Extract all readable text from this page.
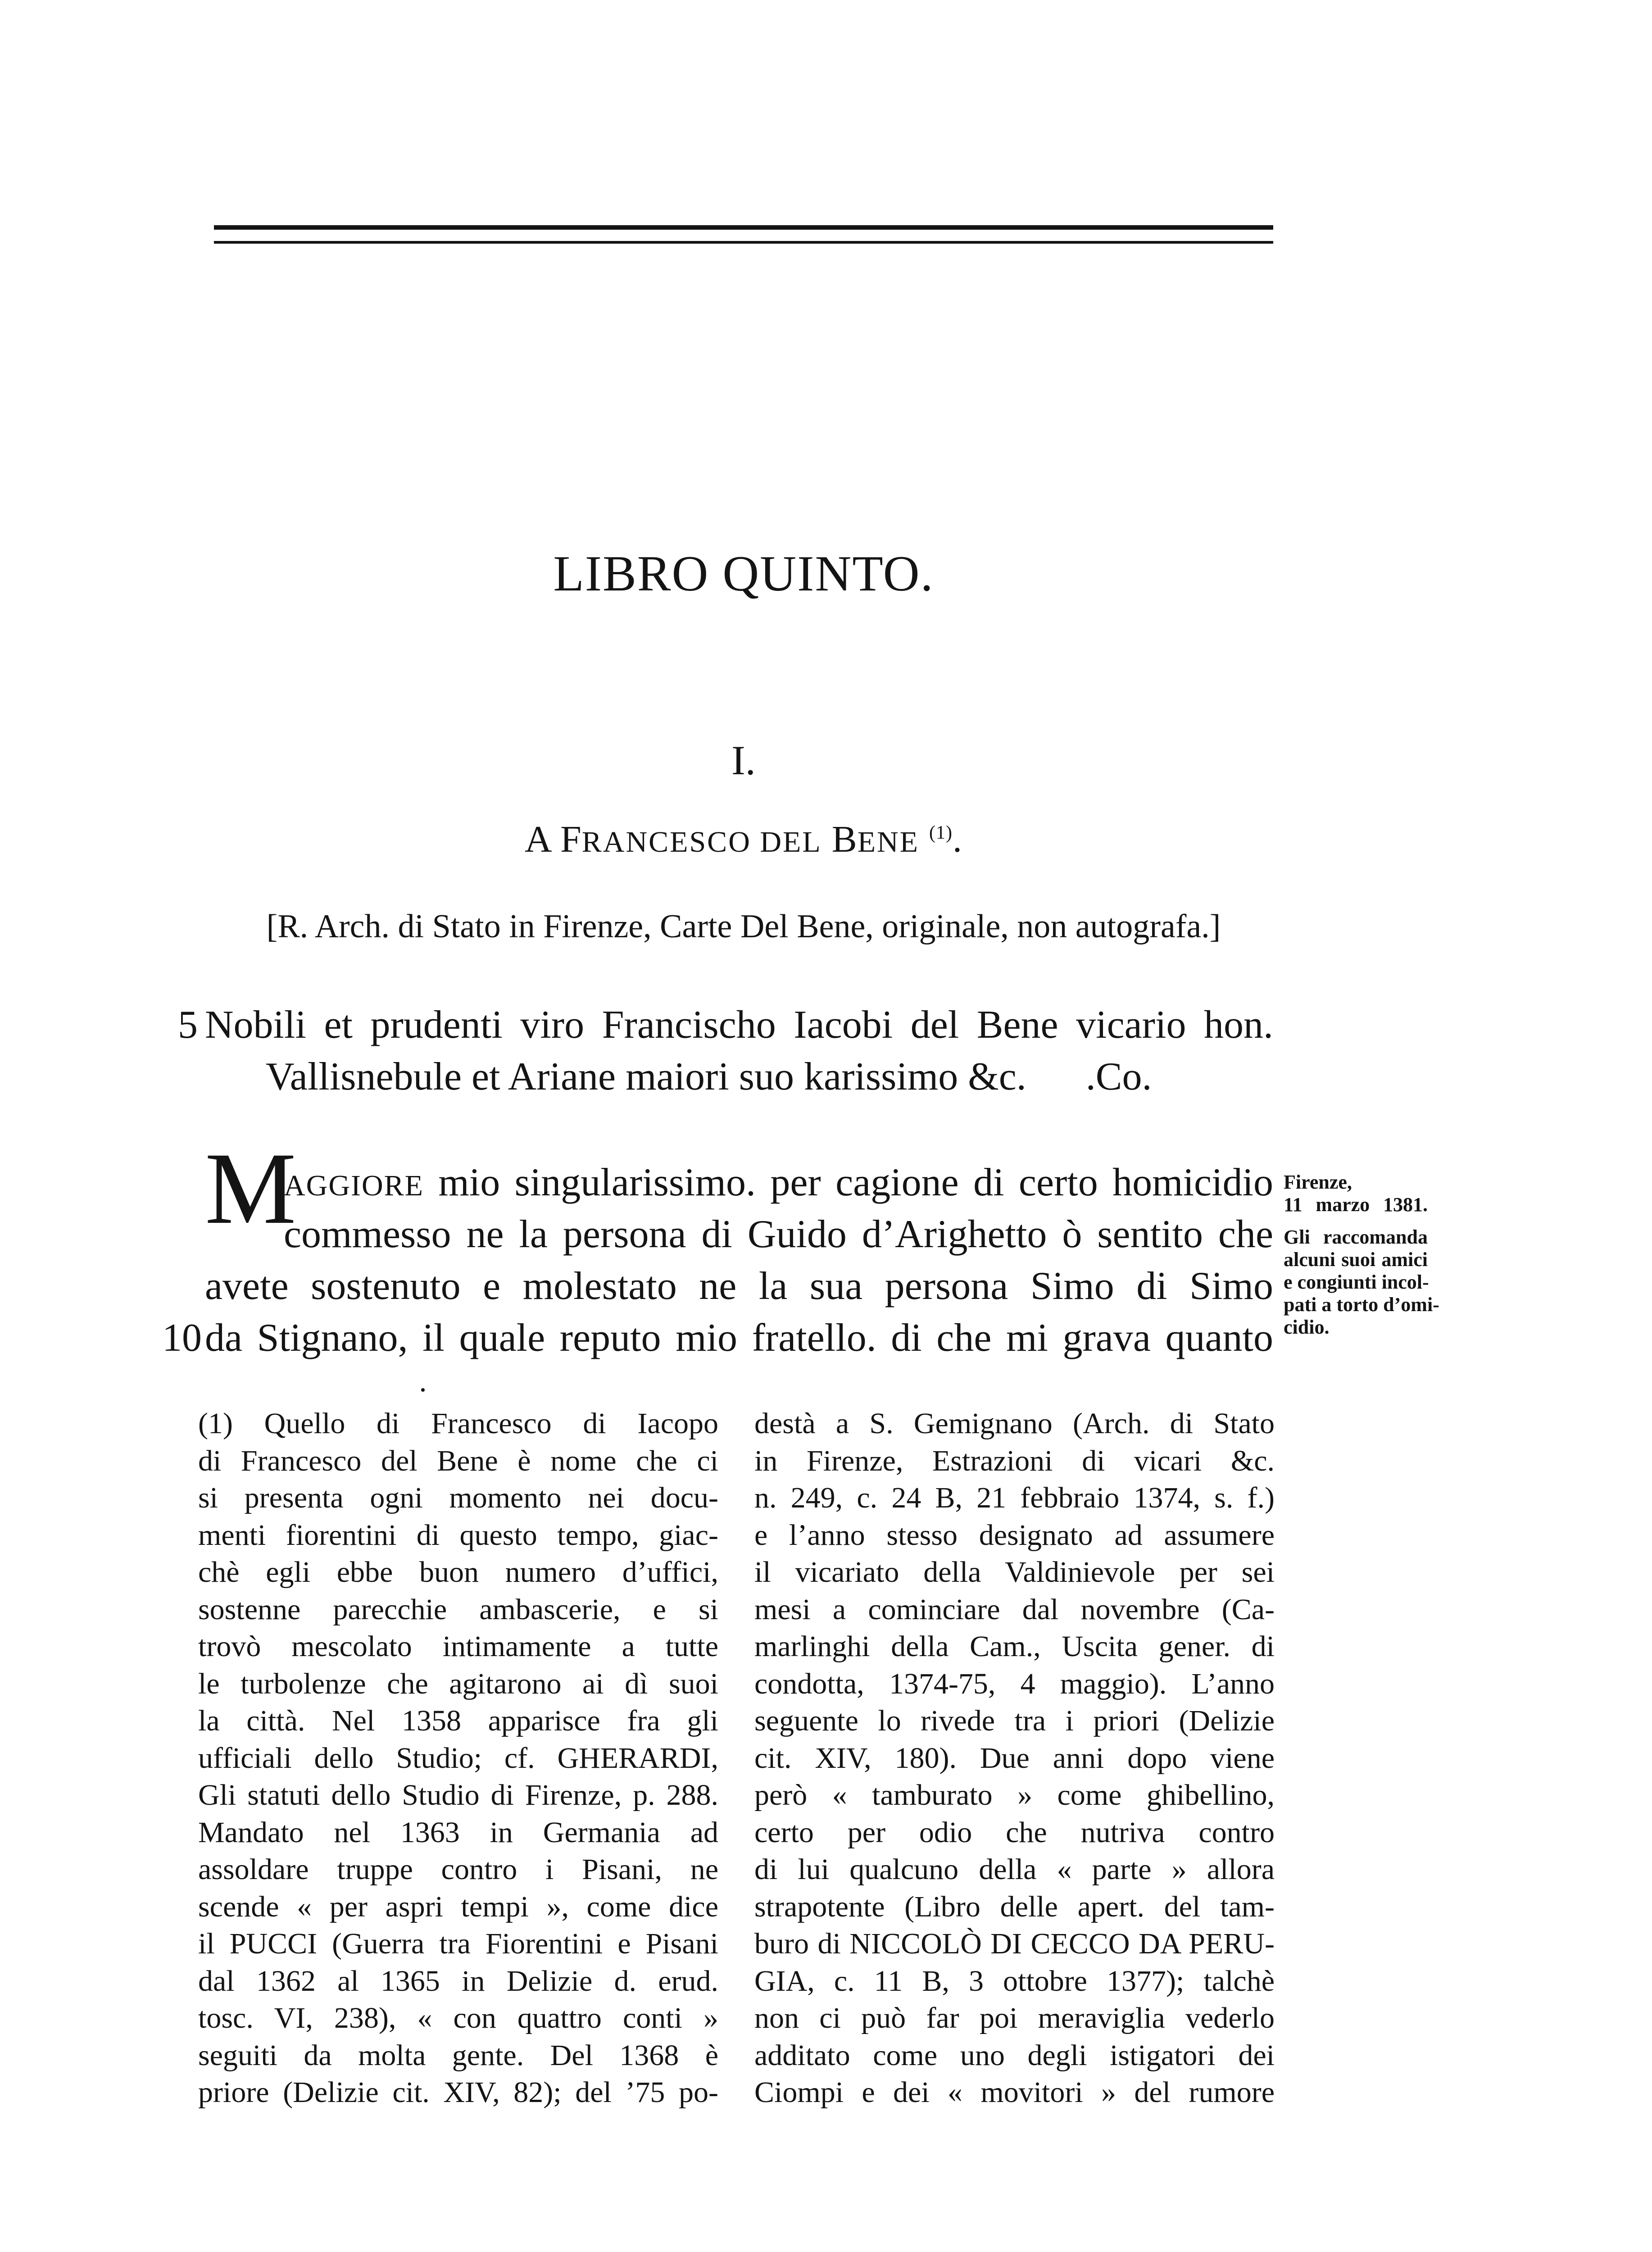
LIBRO QUINTO.
I.
A FRANCESCO DEL BENE $^{(1)}$.
[R. Arch. di Stato in Firenze, Carte Del Bene, originale, non autografa.]
5 Nobili et prudenti viro Francischo Iacobi del Bene vicario hon.
Vallisnebule et Ariane maiori suo karissimo &c.      .Co.
M
AGGIORE mio singularissimo. per cagione di certo homicidio
commesso ne la persona di Guido d’Arighetto ò sentito che
avete sostenuto e molestato ne la sua persona Simo di Simo
10 da Stignano, il quale reputo mio fratello. di che mi grava quanto
Firenze,
11 marzo 1381.
Gli raccomanda
alcuni suoi amici
e congiunti incol-
pati a torto d’omi-
cidio.
(1) Quello di Francesco di Iacopo
di Francesco del Bene è nome che ci
si presenta ogni momento nei docu-
menti fiorentini di questo tempo, giac-
chè egli ebbe buon numero d’uffici,
sostenne parecchie ambascerie, e si
trovò mescolato intimamente a tutte
le turbolenze che agitarono ai dì suoi
la città. Nel 1358 apparisce fra gli
ufficiali dello Studio; cf. GHERARDI,
Gli statuti dello Studio di Firenze, p. 288.
Mandato nel 1363 in Germania ad
assoldare truppe contro i Pisani, ne
scende « per aspri tempi », come dice
il PUCCI (Guerra tra Fiorentini e Pisani
dal 1362 al 1365 in Delizie d. erud.
tosc. VI, 238), « con quattro conti »
seguiti da molta gente. Del 1368 è
priore (Delizie cit. XIV, 82); del ’75 po-
destà a S. Gemignano (Arch. di Stato
in Firenze, Estrazioni di vicari &c.
n. 249, c. 24 B, 21 febbraio 1374, s. f.)
e l’anno stesso designato ad assumere
il vicariato della Valdinievole per sei
mesi a cominciare dal novembre (Ca-
marlinghi della Cam., Uscita gener. di
condotta, 1374-75, 4 maggio). L’anno
seguente lo rivede tra i priori (Delizie
cit. XIV, 180). Due anni dopo viene
però « tamburato » come ghibellino,
certo per odio che nutriva contro
di lui qualcuno della « parte » allora
strapotente (Libro delle apert. del tam-
buro di NICCOLÒ DI CECCO DA PERU-
GIA, c. 11 B, 3 ottobre 1377); talchè
non ci può far poi meraviglia vederlo
additato come uno degli istigatori dei
Ciompi e dei « movitori » del rumore
